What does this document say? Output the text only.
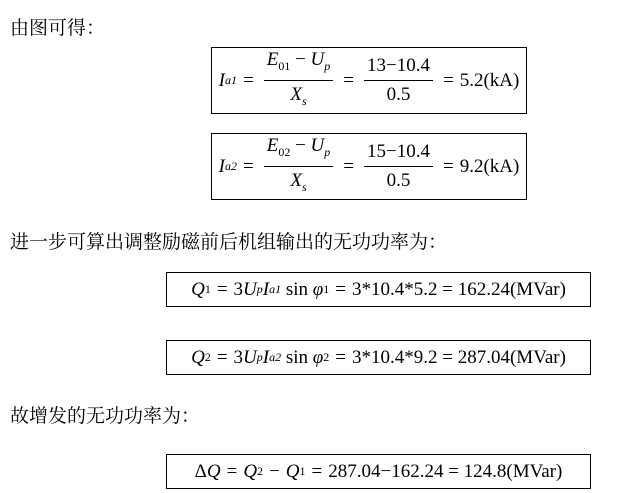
由图可得：
I $a1 = \frac{E_{01} - U_p}{X_s} = \frac{13-10.4}{0.5} = 5.2(kA)$
I $a2 = \frac{E_{02} - U_p}{X_s} = \frac{15-10.4}{0.5} = 9.2(kA)$
进一步可算出调整励磁前后机组输出的无功功率为：
Q 1 = 3 U p I a1
sin
φ 1 = 3*10.4*5.2 = 162.24(MVar)
Q 2 = 3 U p I a2
sin
φ 2 = 3*10.4*9.2 = 287.04(MVar)
故增发的无功功率为：
Δ Q = Q 2 − Q 1 = 287.04−162.24 = 124.8(MVar)
